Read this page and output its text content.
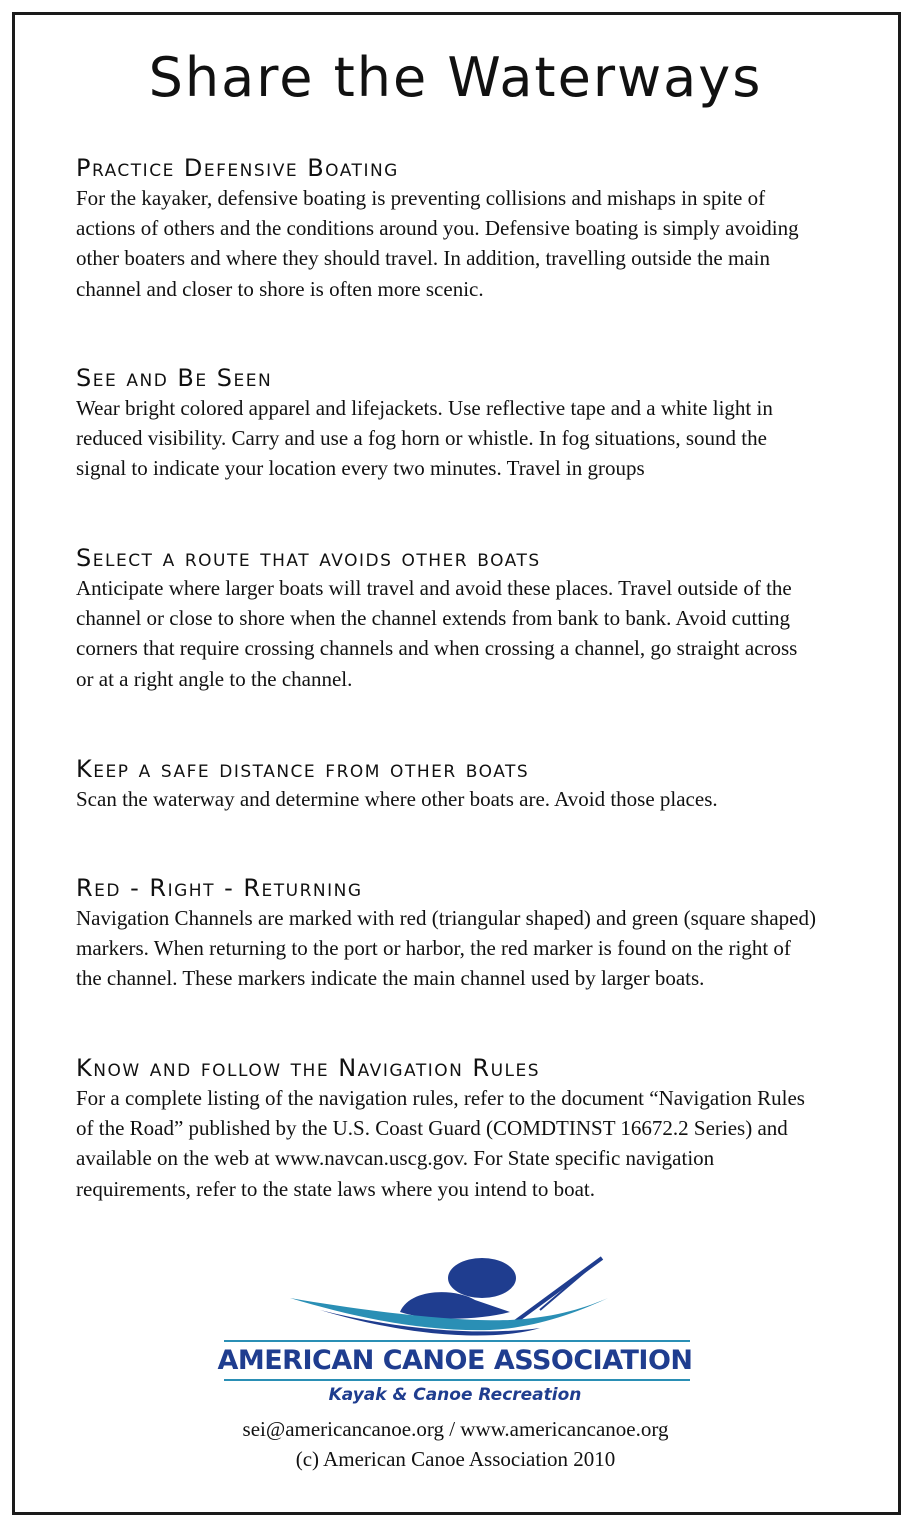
Share the Waterways
Practice Defensive Boating

For the kayaker, defensive boating is preventing collisions and mishaps in spite of actions of others and the conditions around you. Defensive boating is simply avoiding other boaters and where they should travel. In addition, travelling outside the main channel and closer to shore is often more scenic.

See and Be Seen

Wear bright colored apparel and lifejackets. Use reflective tape and a white light in reduced visibility. Carry and use a fog horn or whistle. In fog situations, sound the signal to indicate your location every two minutes. Travel in groups

Select a route that avoids other boats

Anticipate where larger boats will travel and avoid these places. Travel outside of the channel or close to shore when the channel extends from bank to bank. Avoid cutting corners that require crossing channels and when crossing a channel, go straight across or at a right angle to the channel.

Keep a safe distance from other boats

Scan the waterway and determine where other boats are. Avoid those places.

Red - Right - Returning

Navigation Channels are marked with red (triangular shaped) and green (square shaped) markers. When returning to the port or harbor, the red marker is found on the right of the channel. These markers indicate the main channel used by larger boats.

Know and follow the Navigation Rules

For a complete listing of the navigation rules, refer to the document “Navigation Rules of the Road” published by the U.S. Coast Guard (COMDTINST 16672.2 Series) and available on the web at www.navcan.uscg.gov. For State specific navigation requirements, refer to the state laws where you intend to boat.

AMERICAN CANOE ASSOCIATION
Kayak & Canoe Recreation
sei@americancanoe.org / www.americancanoe.org
(c) American Canoe Association 2010
